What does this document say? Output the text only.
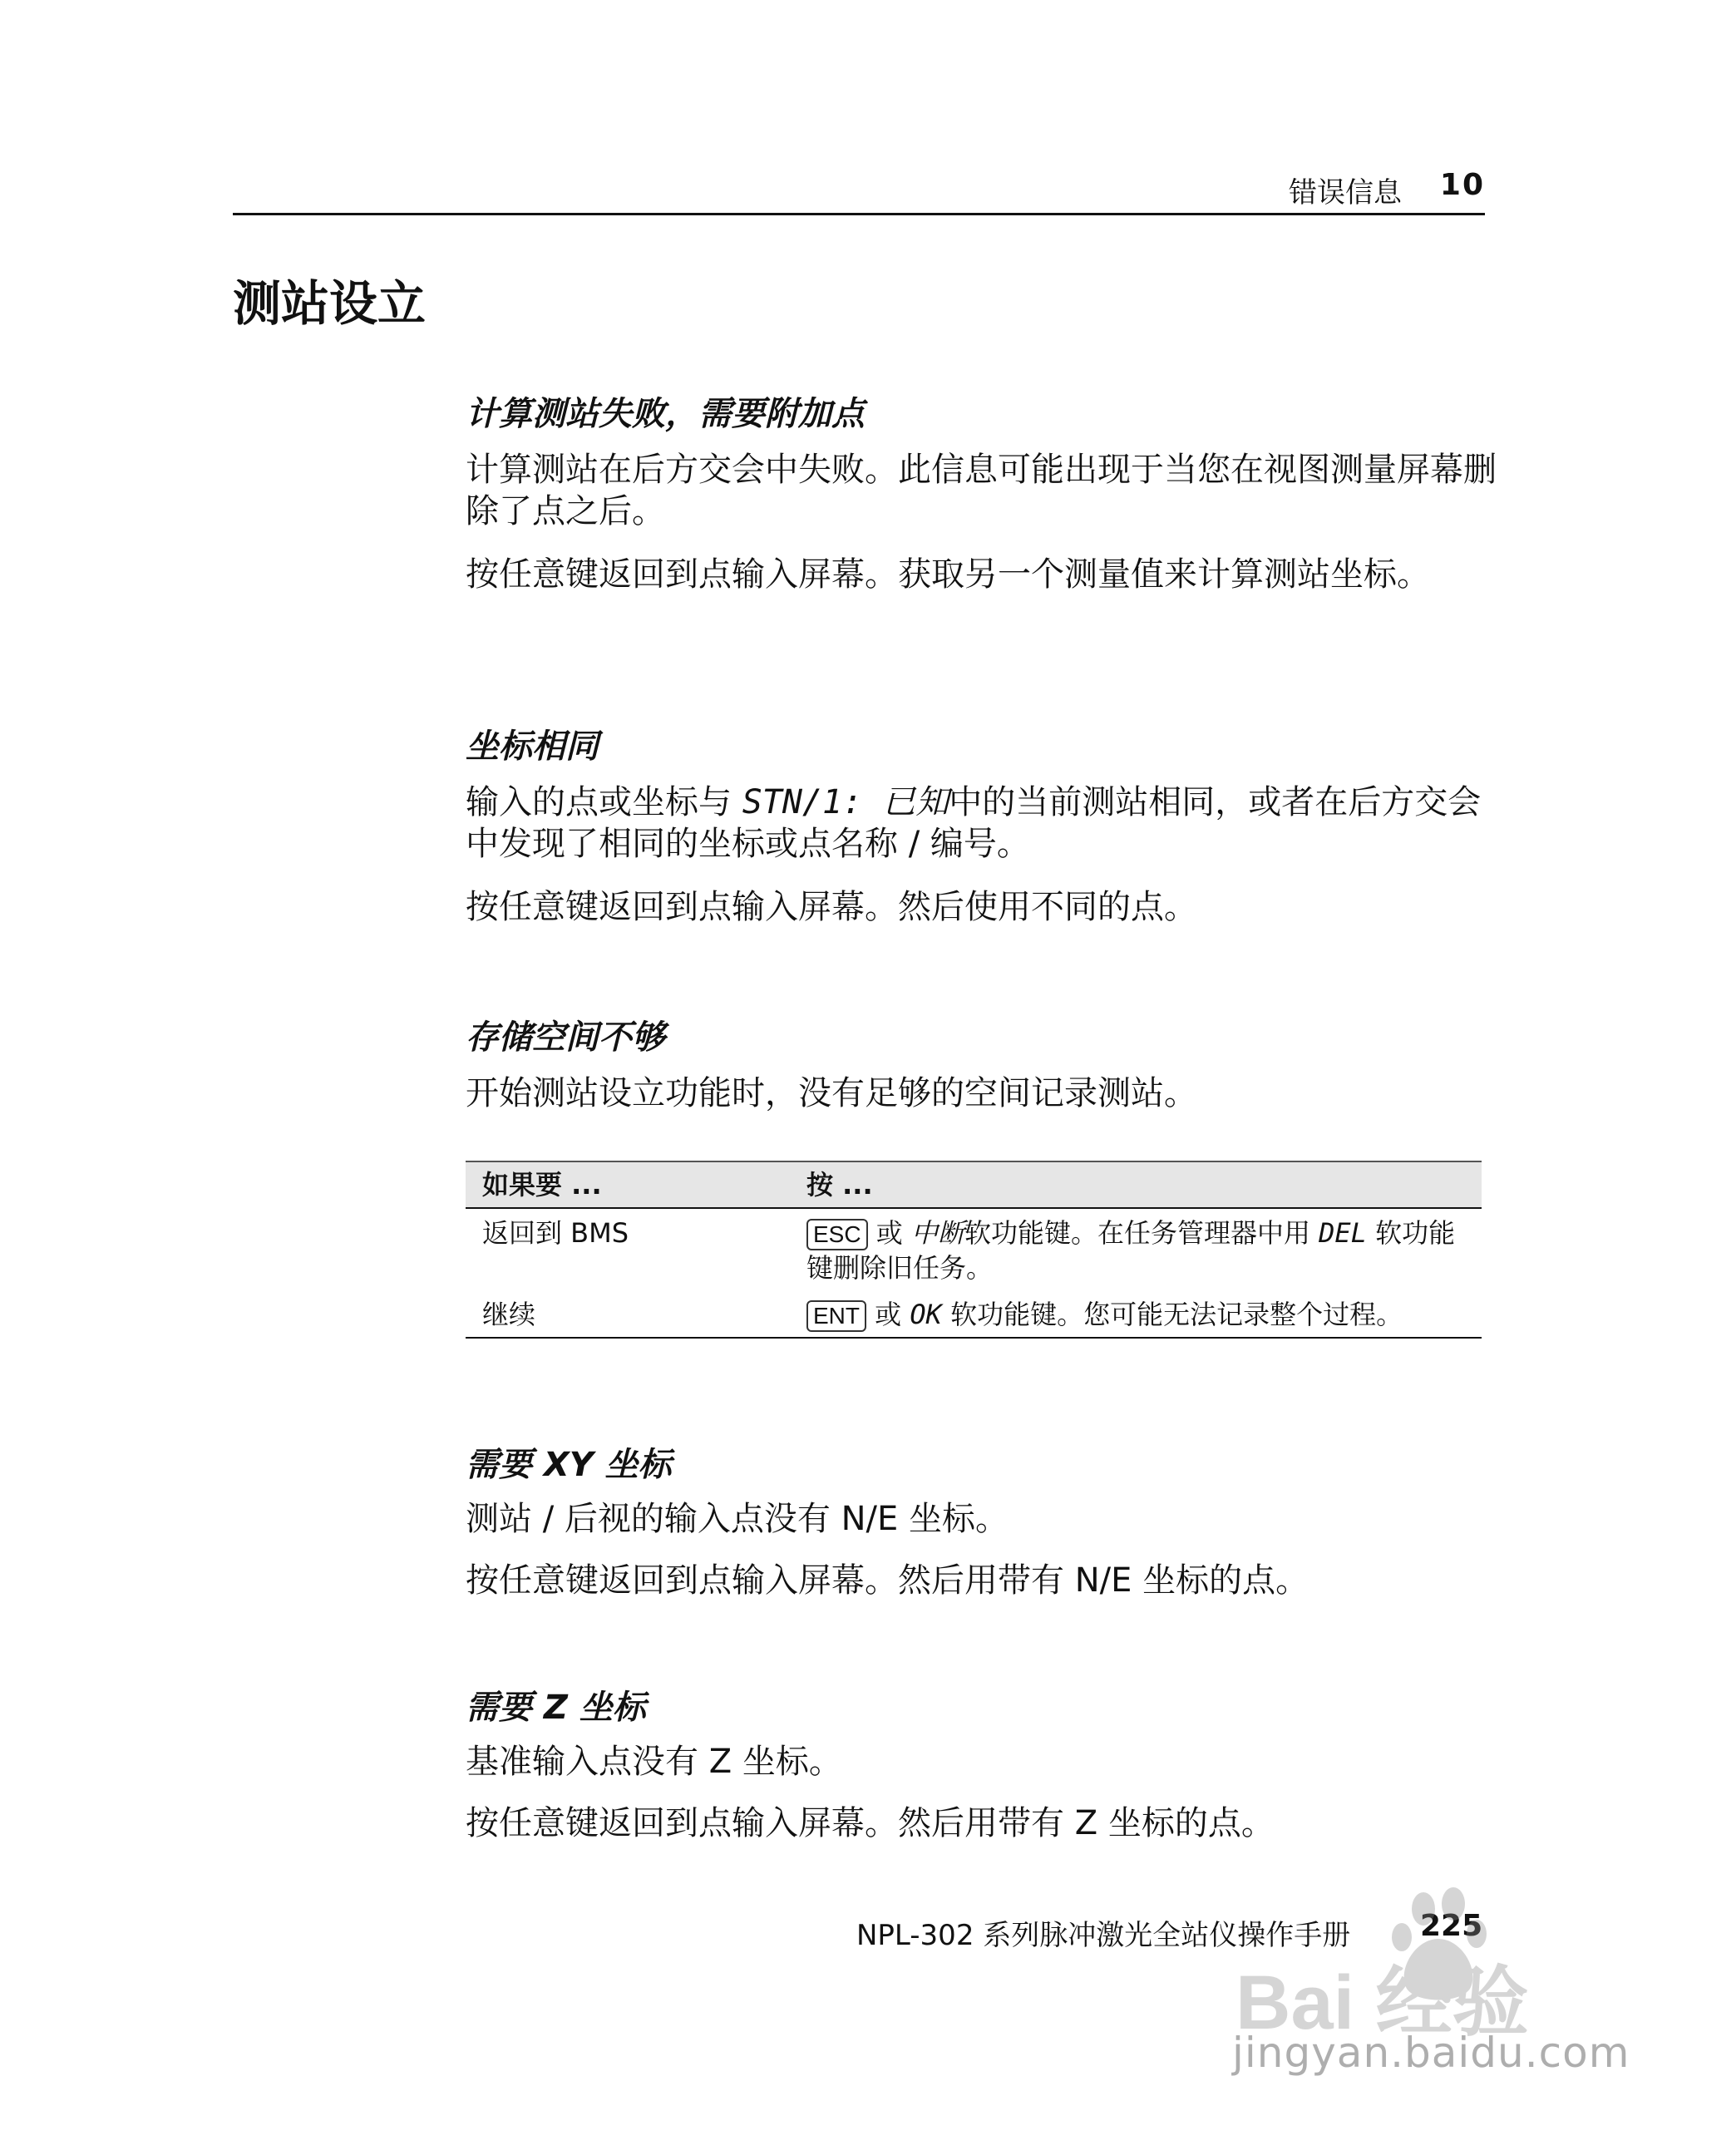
错误信息 10
测站设立
计算测站失败，需要附加点
计算测站在后方交会中失败。此信息可能出现于当您在视图测量屏幕删除了点之后。
按任意键返回到点输入屏幕。获取另一个测量值来计算测站坐标。
坐标相同
输入的点或坐标与 STN/1: 已知中的当前测站相同，或者在后方交会中发现了相同的坐标或点名称 / 编号。
按任意键返回到点输入屏幕。然后使用不同的点。
存储空间不够
开始测站设立功能时，没有足够的空间记录测站。
如果要 ...	按 ...
返回到 BMS	ESC 或 中断软功能键。在任务管理器中用 DEL 软功能键删除旧任务。
继续	ENT 或 OK 软功能键。您可能无法记录整个过程。
需要 XY 坐标
测站 / 后视的输入点没有 N/E 坐标。
按任意键返回到点输入屏幕。然后用带有 N/E 坐标的点。
需要 Z 坐标
基准输入点没有 Z 坐标。
按任意键返回到点输入屏幕。然后用带有 Z 坐标的点。
NPL-302 系列脉冲激光全站仪操作手册 225
Bai 经验
jingyan.baidu.com
